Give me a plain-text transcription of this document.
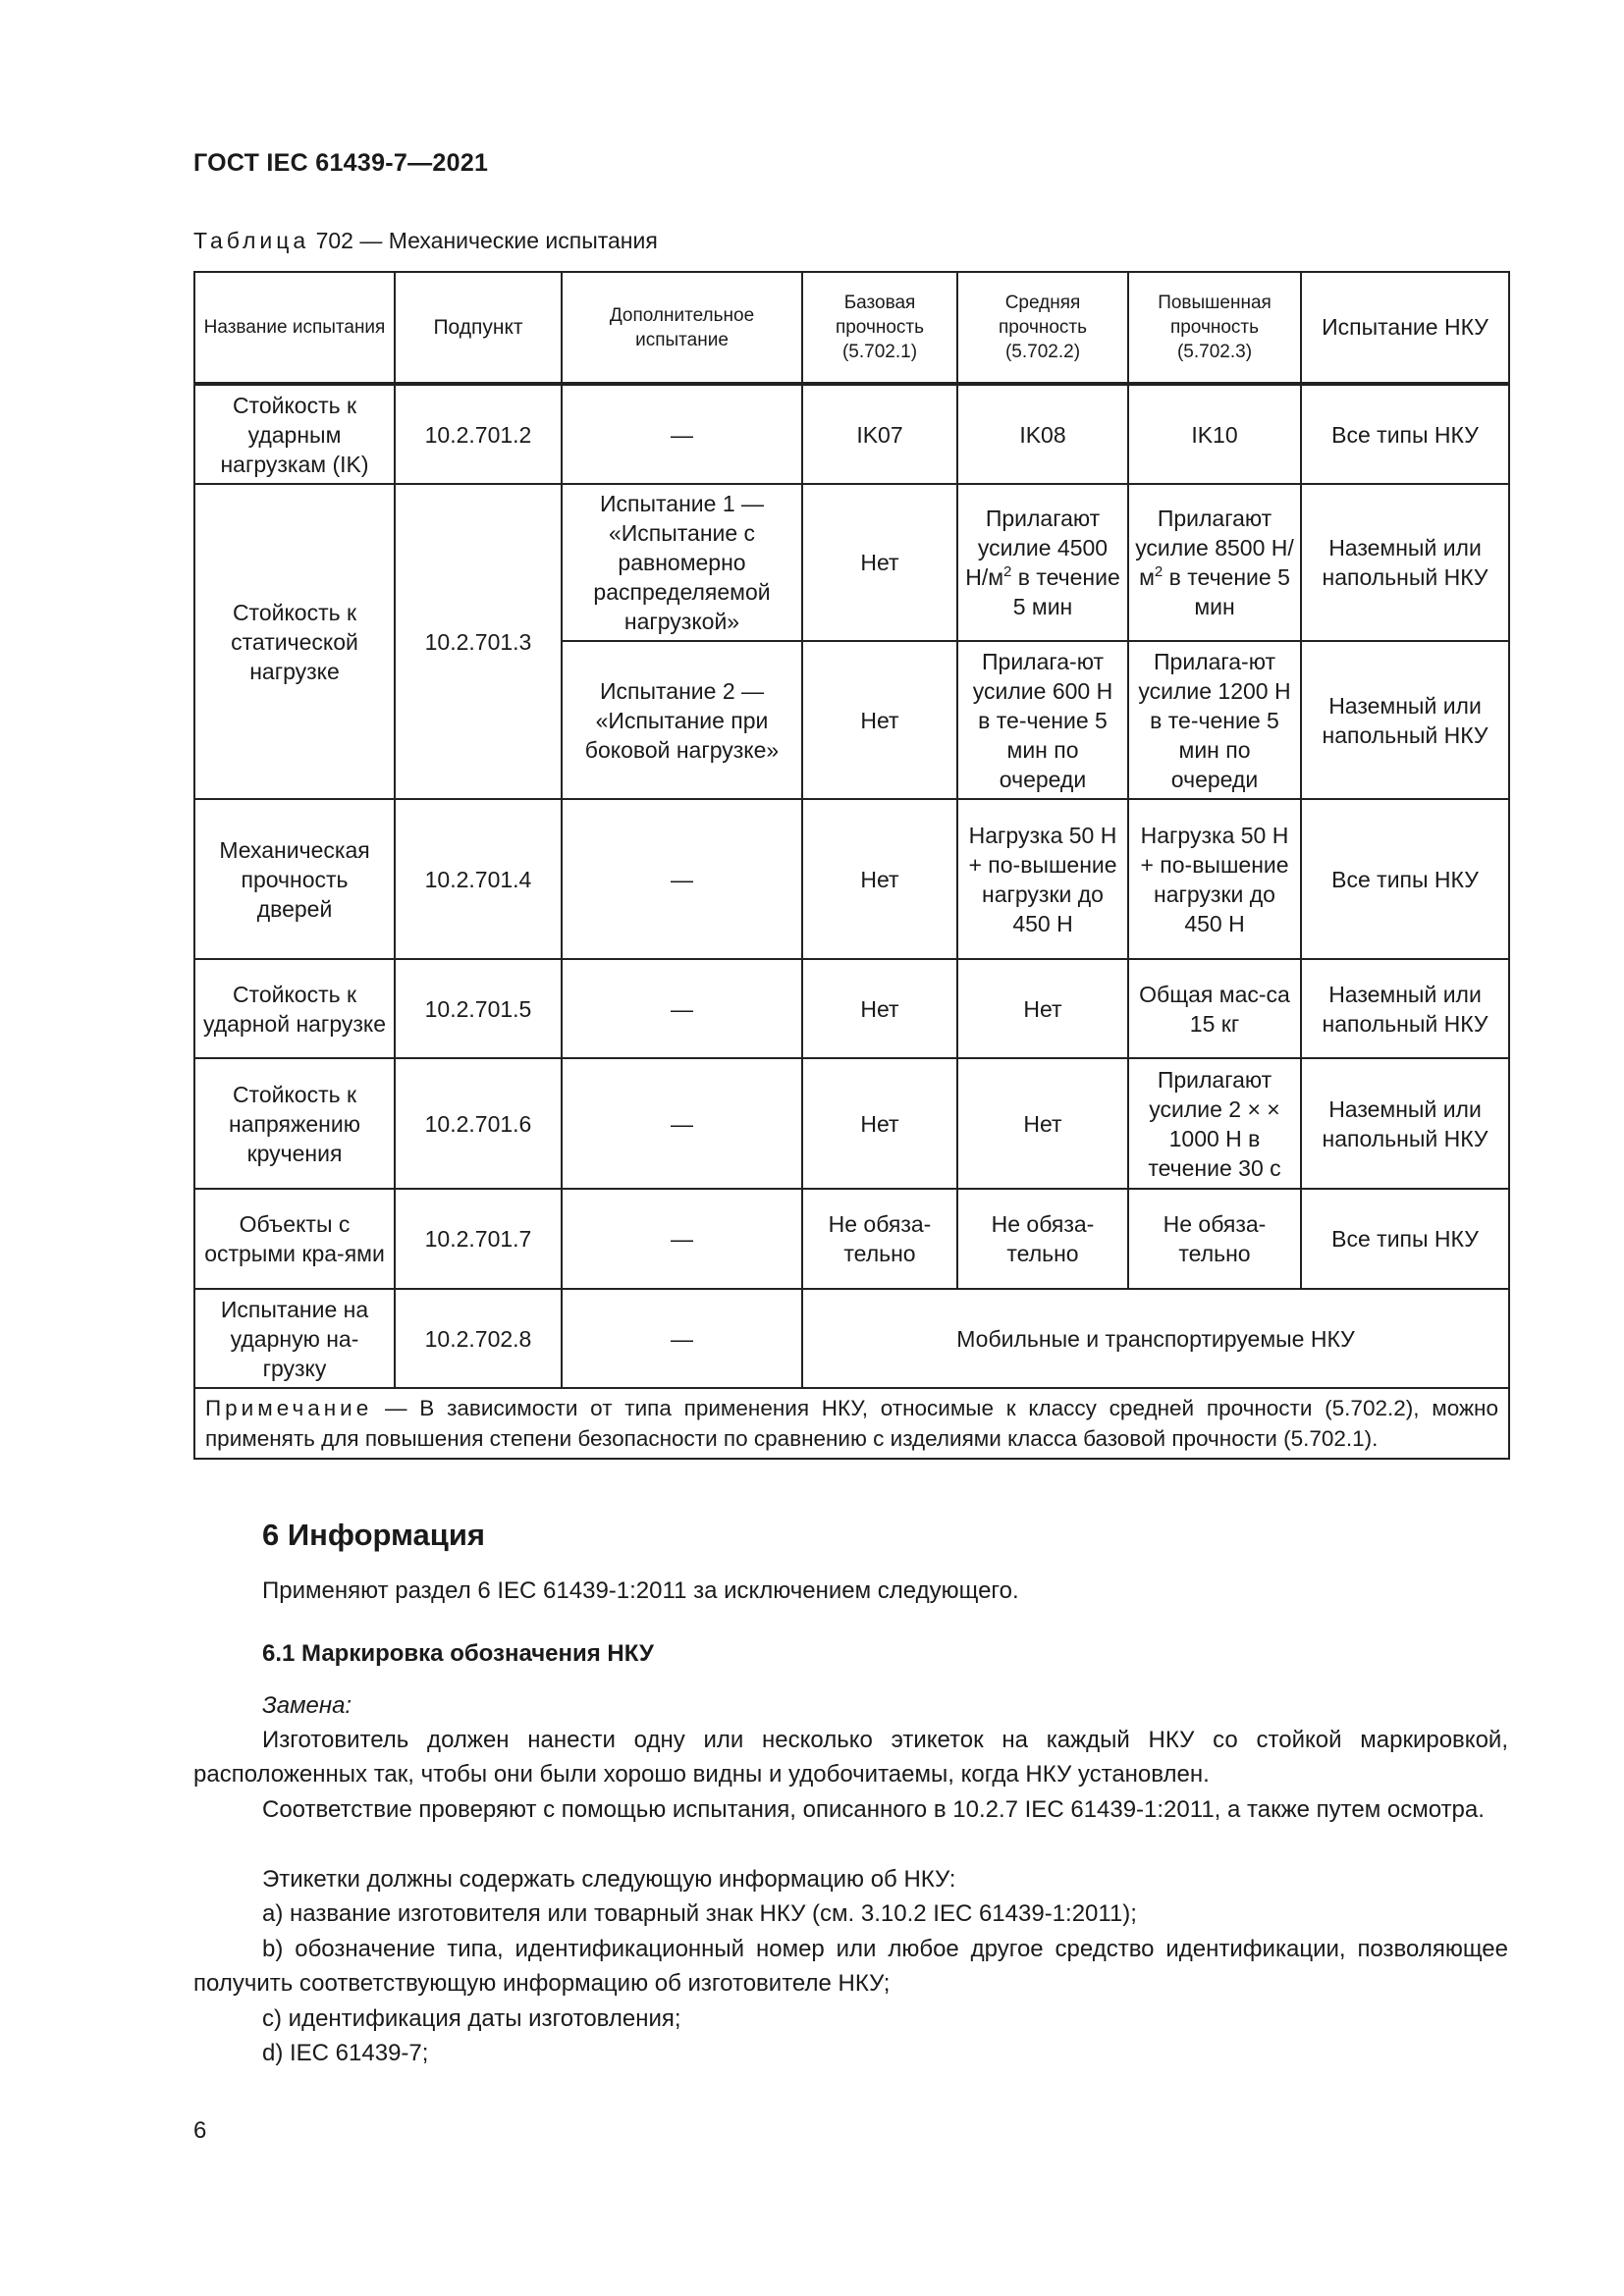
ГОСТ IEC 61439-7—2021
Таблица 702 — Механические испытания
Название испытания	Подпункт	Дополнительное испытание	Базовая прочность (5.702.1)	Средняя прочность (5.702.2)	Повышенная прочность (5.702.3)	Испытание НКУ
Стойкость к ударным нагрузкам (IK)	10.2.701.2	—	IK07	IK08	IK10	Все типы НКУ
Стойкость к статической нагрузке	10.2.701.3	Испытание 1 — «Испытание с равномерно распределяемой нагрузкой»	Нет	Прилагают усилие 4500 $Н/м^2$ в течение 5 мин	Прилагают усилие 8500 $Н/м^2$ в течение 5 мин	Наземный или напольный НКУ
		Испытание 2 — «Испытание при боковой нагрузке»	Нет	Прилага-ют усилие 600 Н в те-чение 5 мин по очереди	Прилага-ют усилие 1200 Н в те-чение 5 мин по очереди	Наземный или напольный НКУ
Механическая прочность дверей	10.2.701.4	—	Нет	Нагрузка 50 Н + по-вышение нагрузки до 450 Н	Нагрузка 50 Н + по-вышение нагрузки до 450 Н	Все типы НКУ
Стойкость к ударной нагрузке	10.2.701.5	—	Нет	Нет	Общая мас-са 15 кг	Наземный или напольный НКУ
Стойкость к напряжению кручения	10.2.701.6	—	Нет	Нет	Прилагают усилие 2 × × 1000 Н в течение 30 с	Наземный или напольный НКУ
Объекты с острыми кра-ями	10.2.701.7	—	Не обяза-тельно	Не обяза-тельно	Не обяза-тельно	Все типы НКУ
Испытание на ударную на-грузку	10.2.702.8	—	Мобильные и транспортируемые НКУ			
Примечание — В зависимости от типа применения НКУ, относимые к классу средней прочности (5.702.2), можно применять для повышения степени безопасности по сравнению с изделиями класса базовой прочности (5.702.1).						
6 Информация
Применяют раздел 6 IEC 61439-1:2011 за исключением следующего.
6.1 Маркировка обозначения НКУ
Замена:
Изготовитель должен нанести одну или несколько этикеток на каждый НКУ со стойкой маркировкой, расположенных так, чтобы они были хорошо видны и удобочитаемы, когда НКУ установлен.
Соответствие проверяют с помощью испытания, описанного в 10.2.7 IEC 61439-1:2011, а также путем осмотра.
Этикетки должны содержать следующую информацию об НКУ:
a) название изготовителя или товарный знак НКУ (см. 3.10.2 IEC 61439-1:2011);
b) обозначение типа, идентификационный номер или любое другое средство идентификации, позволяющее получить соответствующую информацию об изготовителе НКУ;
c) идентификация даты изготовления;
d) IEC 61439-7;
6
